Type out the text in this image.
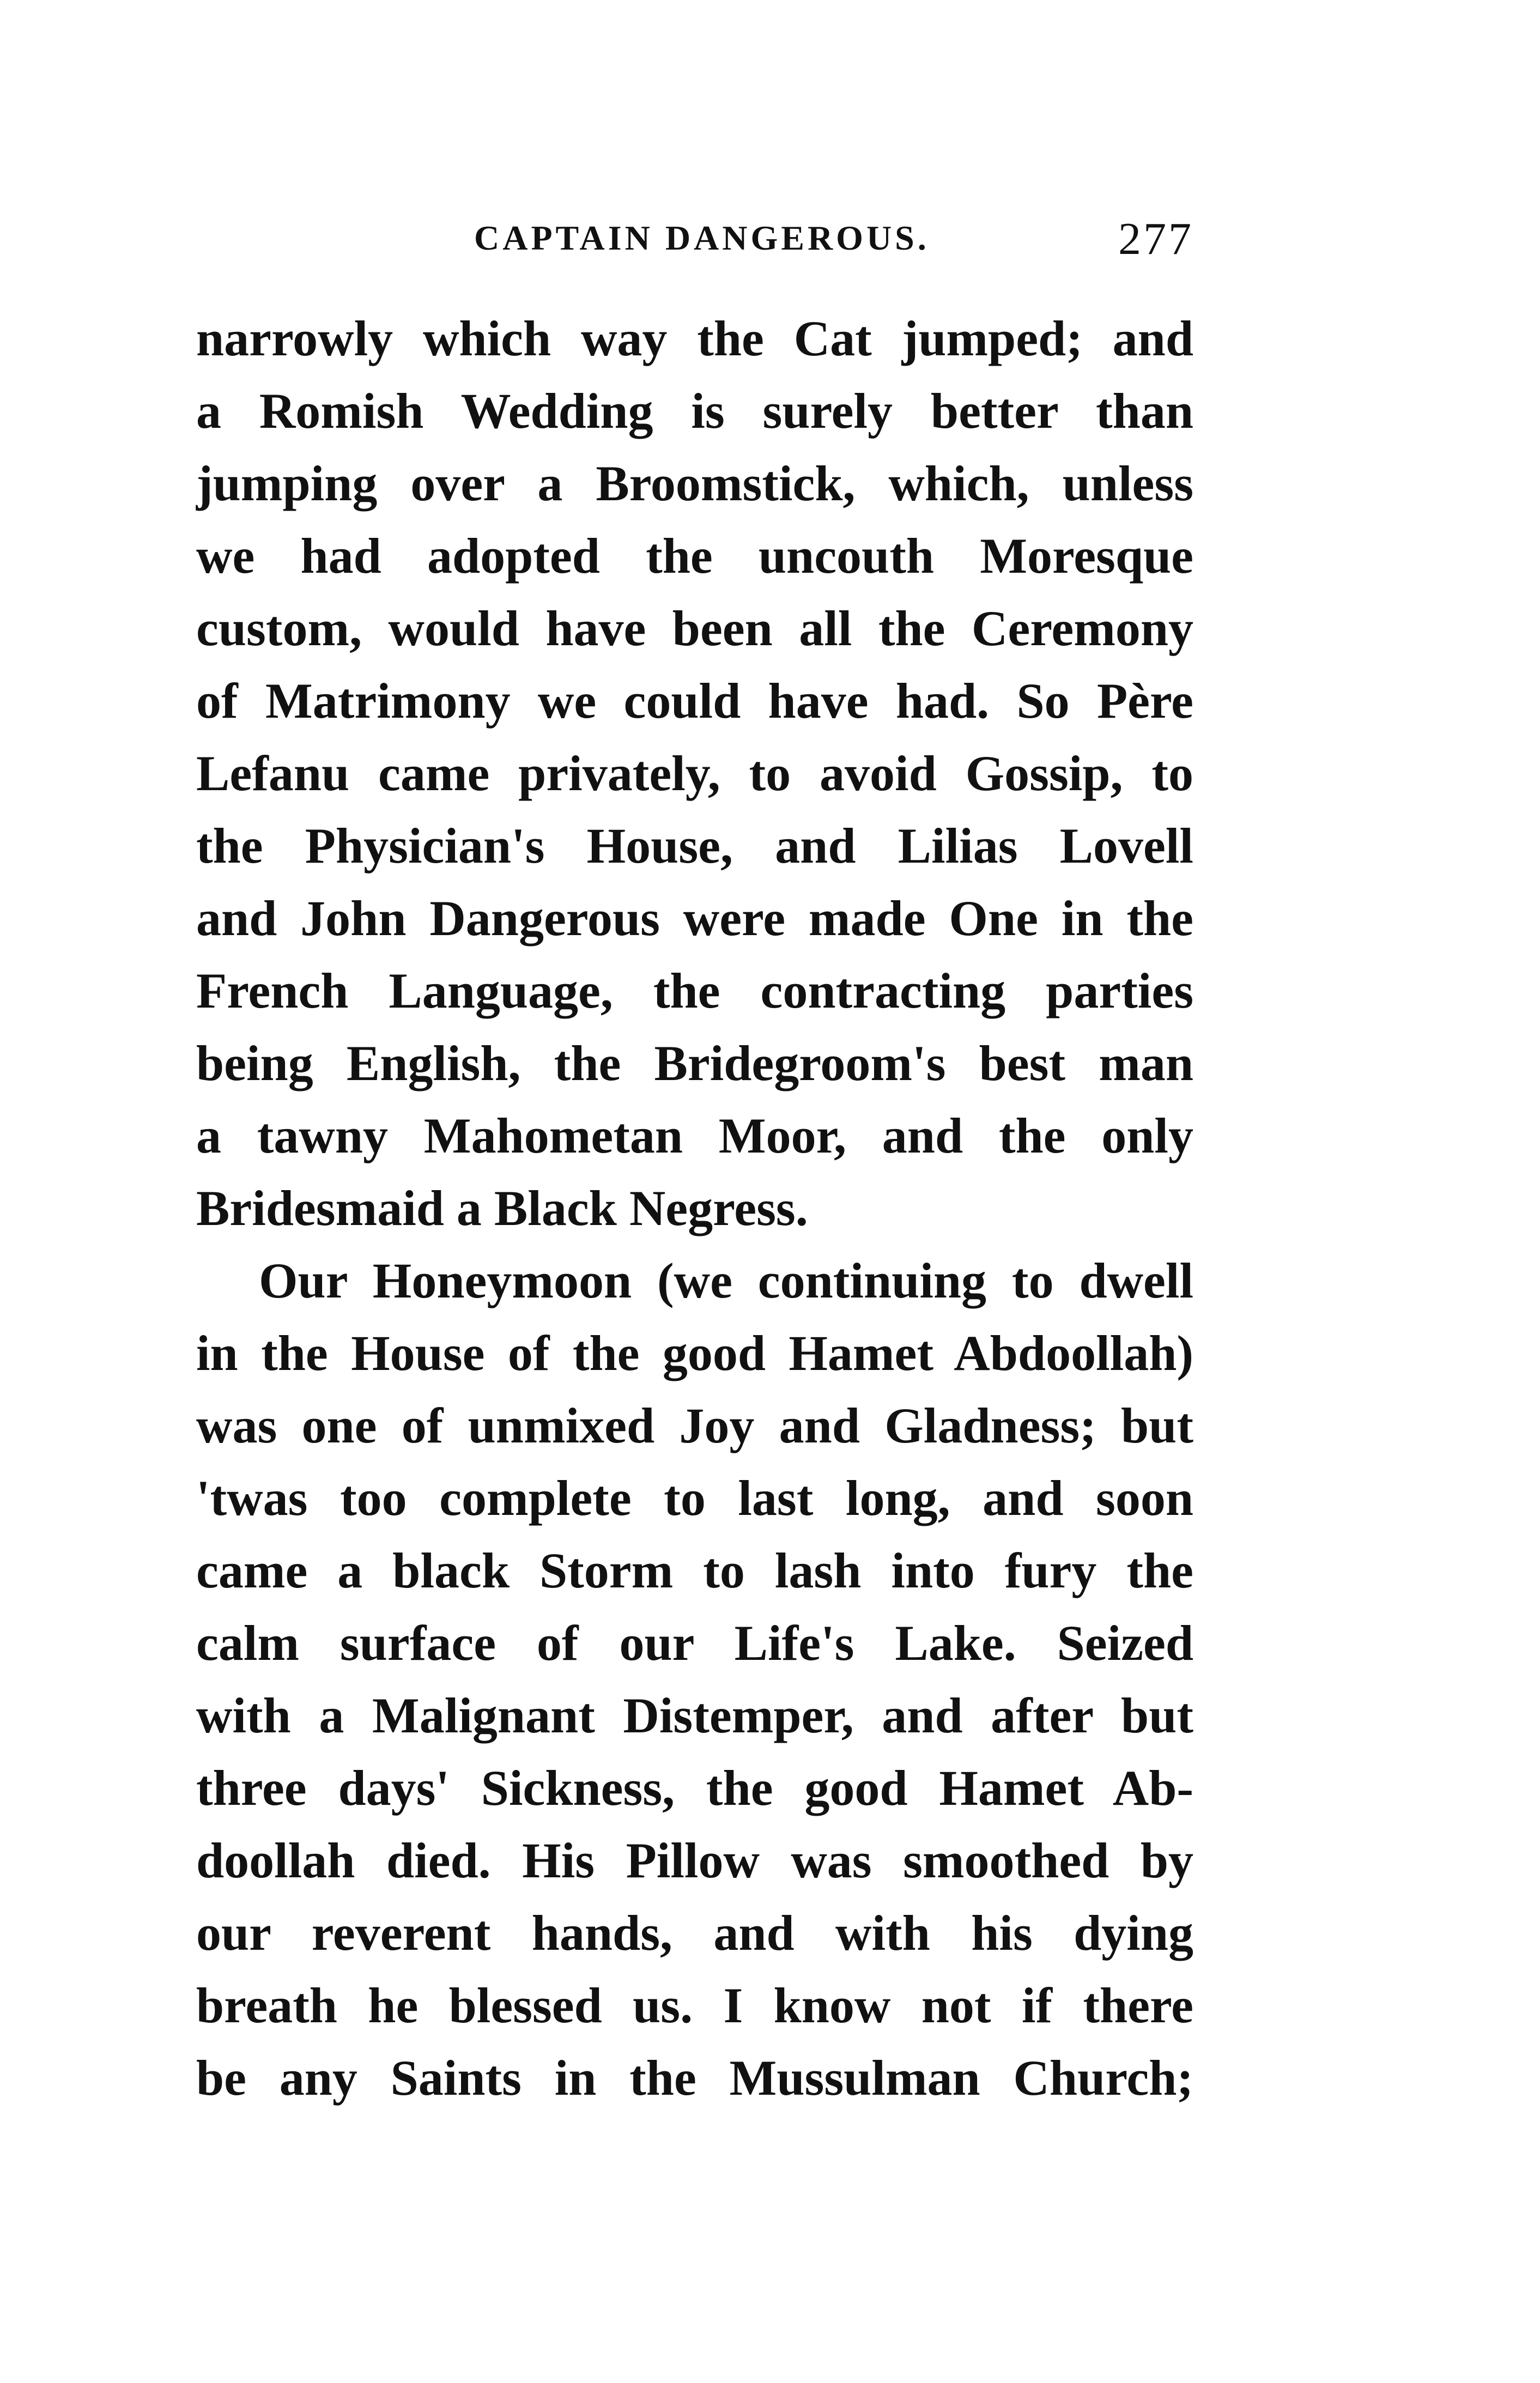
CAPTAIN DANGEROUS.	277
narrowly which way the Cat jumped; and
a Romish Wedding is surely better than
jumping over a Broomstick, which, unless
we had adopted the uncouth Moresque
custom, would have been all the Ceremony
of Matrimony we could have had. So Père
Lefanu came privately, to avoid Gossip, to
the Physician's House, and Lilias Lovell
and John Dangerous were made One in the
French Language, the contracting parties
being English, the Bridegroom's best man
a tawny Mahometan Moor, and the only
Bridesmaid a Black Negress.
Our Honeymoon (we continuing to dwell
in the House of the good Hamet Abdoollah)
was one of unmixed Joy and Gladness; but
'twas too complete to last long, and soon
came a black Storm to lash into fury the
calm surface of our Life's Lake. Seized
with a Malignant Distemper, and after but
three days' Sickness, the good Hamet Ab-
doollah died. His Pillow was smoothed by
our reverent hands, and with his dying
breath he blessed us. I know not if there
be any Saints in the Mussulman Church;
